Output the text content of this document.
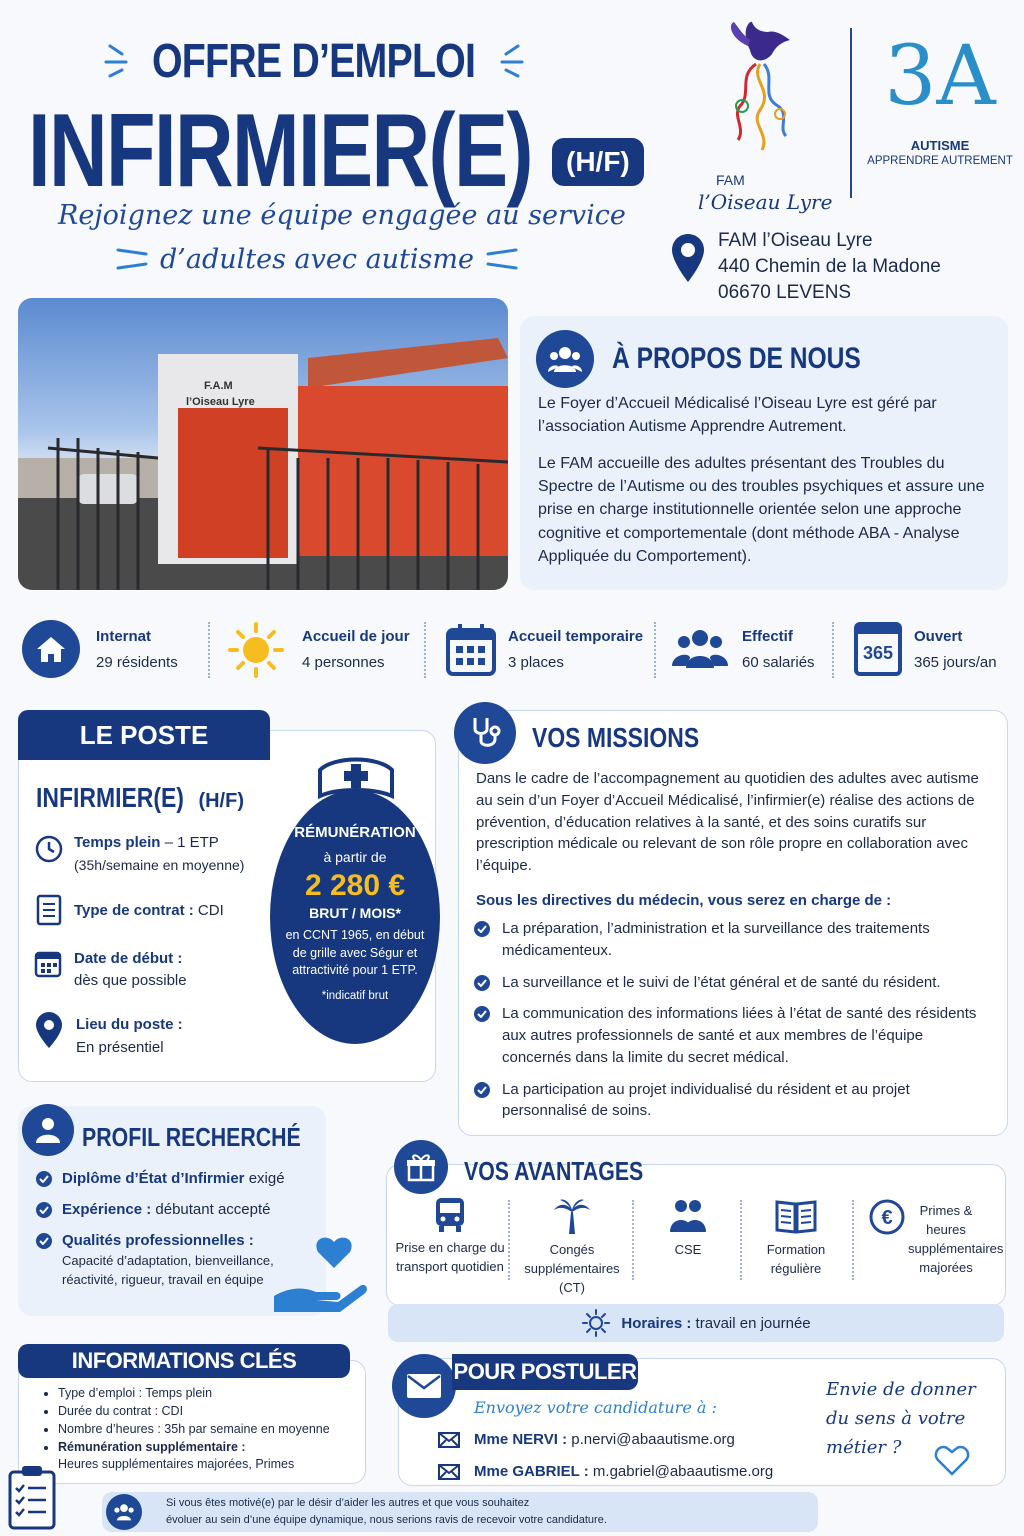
OFFRE D’EMPLOI
INFIRMIER(E)	(H/F)
Rejoignez une équipe engagée au service
d’adultes avec autisme
FAM
l’Oiseau Lyre
3A
AUTISME
APPRENDRE AUTREMENT
FAM l’Oiseau Lyre
440 Chemin de la Madone
06670 LEVENS
F.A.M
l’Oiseau Lyre
À PROPOS DE NOUS

Le Foyer d’Accueil Médicalisé l’Oiseau Lyre est géré par l’association Autisme Apprendre Autrement.

Le FAM accueille des adultes présentant des Troubles du Spectre de l’Autisme ou des troubles psychiques et assure une prise en charge institutionnelle orientée selon une approche cognitive et comportementale (dont méthode ABA - Analyse Appliquée du Comportement).

Internat
29 résidents
Accueil de jour
4 personnes
Accueil temporaire
3 places
Effectif
60 salariés	365
Ouvert
365 jours/an
LE POSTE
INFIRMIER(E) (H/F)
Temps plein – 1 ETP
(35h/semaine en moyenne)
Type de contrat : CDI
Date de début :
dès que possible
Lieu du poste :
En présentiel
RÉMUNÉRATION
à partir de
2 280 €
BRUT / MOIS*
en CCNT 1965, en début de grille avec Ségur et attractivité pour 1 ETP.
*indicatif brut
VOS MISSIONS

Dans le cadre de l’accompagnement au quotidien des adultes avec autisme au sein d’un Foyer d’Accueil Médicalisé, l’infirmier(e) réalise des actions de prévention, d’éducation relatives à la santé, et des soins curatifs sur prescription médicale ou relevant de son rôle propre en collaboration avec l’équipe.

Sous les directives du médecin, vous serez en charge de :

La préparation, l’administration et la surveillance des traitements médicamenteux.

La surveillance et le suivi de l’état général et de santé du résident.

La communication des informations liées à l’état de santé des résidents aux autres professionnels de santé et aux membres de l’équipe concernés dans la limite du secret médical.

La participation au projet individualisé du résident et au projet personnalisé de soins.

PROFIL RECHERCHÉ
Diplôme d’État d’Infirmier exigé
Expérience : débutant accepté
Qualités professionnelles :

Capacité d’adaptation, bienveillance, réactivité, rigueur, travail en équipe

VOS AVANTAGES
Prise en charge du transport quotidien
Congés supplémentaires (CT)
CSE	Formation régulière
€	Primes & heures supplémentaires majorées
Horaires : travail en journée
INFORMATIONS CLÉS
• Type d’emploi : Temps plein
• Durée du contrat : CDI
• Nombre d’heures : 35h par semaine en moyenne
• Rémunération supplémentaire :
Heures supplémentaires majorées, Primes
POUR POSTULER
Envoyez votre candidature à :
Mme NERVI : p.nervi@abaautisme.org
Mme GABRIEL : m.gabriel@abaautisme.org
Envie de donner
du sens à votre
métier ?
Si vous êtes motivé(e) par le désir d’aider les autres et que vous souhaitez
évoluer au sein d’une équipe dynamique, nous serions ravis de recevoir votre candidature.
